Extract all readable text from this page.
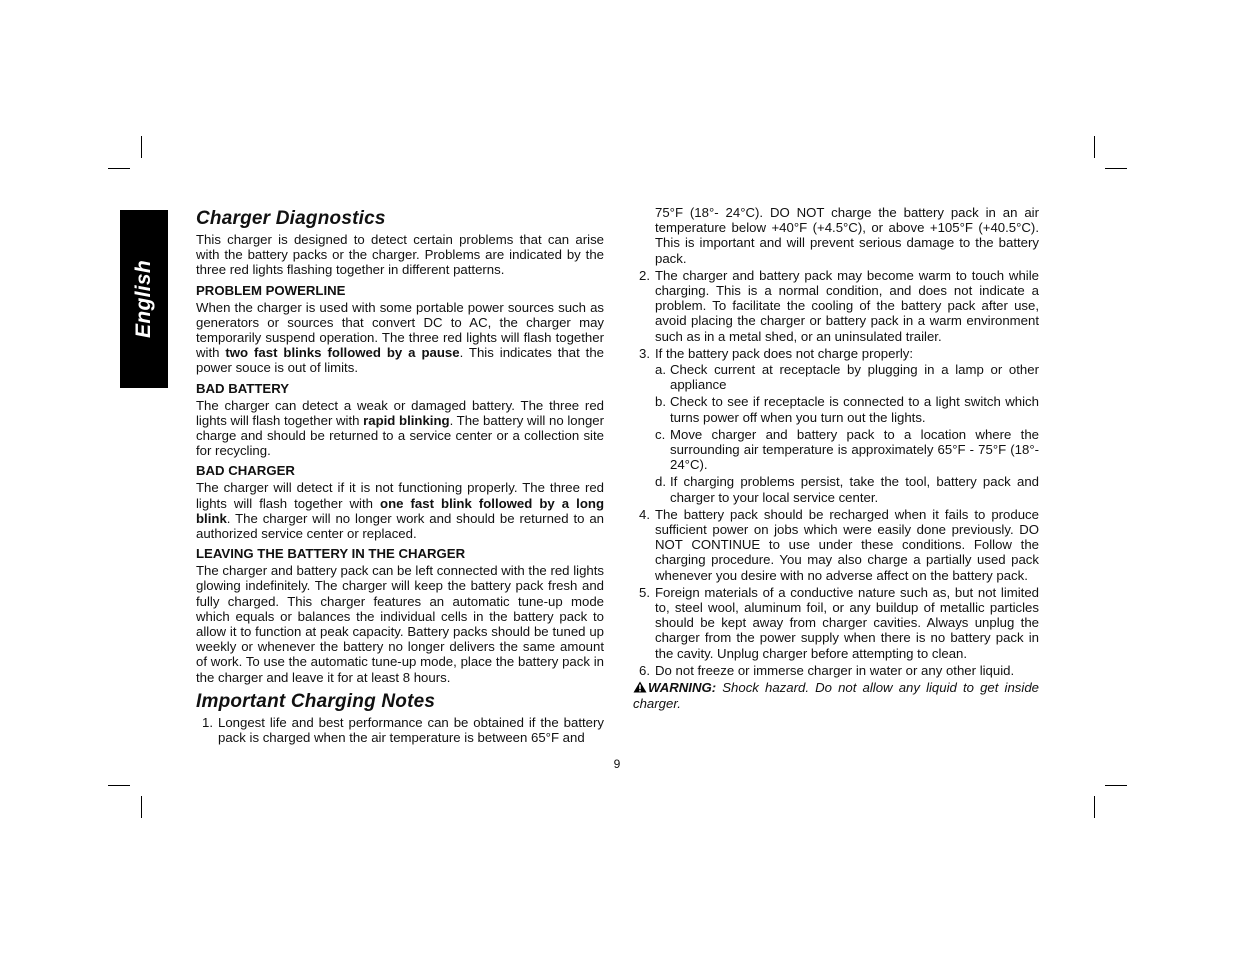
English
Charger Diagnostics

This charger is designed to detect certain problems that can arise with the battery packs or the charger. Problems are indicated by the three red lights flashing together in different patterns.

PROBLEM POWERLINE

When the charger is used with some portable power sources such as generators or sources that convert DC to AC, the charger may temporarily suspend operation. The three red lights will flash together with two fast blinks followed by a pause. This indicates that the power souce is out of limits.

BAD BATTERY

The charger can detect a weak or damaged battery. The three red lights will flash together with rapid blinking. The battery will no longer charge and should be returned to a service center or a collection site for recycling.

BAD CHARGER

The charger will detect if it is not functioning properly. The three red lights will flash together with one fast blink followed by a long blink. The charger will no longer work and should be returned to an authorized service center or replaced.

LEAVING THE BATTERY IN THE CHARGER

The charger and battery pack can be left connected with the red lights glowing indefinitely. The charger will keep the battery pack fresh and fully charged. This charger features an automatic tune-up mode which equals or balances the individual cells in the battery pack to allow it to function at peak capacity. Battery packs should be tuned up weekly or whenever the battery no longer delivers the same amount of work. To use the automatic tune-up mode, place the battery pack in the charger and leave it for at least 8 hours.

Important Charging Notes
1. Longest life and best performance can be obtained if the battery pack is charged when the air temperature is between 65°F and
75°F (18°- 24°C). DO NOT charge the battery pack in an air temperature below +40°F (+4.5°C), or above +105°F (+40.5°C). This is important and will prevent serious damage to the battery pack.
2. The charger and battery pack may become warm to touch while charging. This is a normal condition, and does not indicate a problem. To facilitate the cooling of the battery pack after use, avoid placing the charger or battery pack in a warm environment such as in a metal shed, or an uninsulated trailer.
3. If the battery pack does not charge properly:
a. Check current at receptacle by plugging in a lamp or other appliance
b. Check to see if receptacle is connected to a light switch which turns power off when you turn out the lights.
c. Move charger and battery pack to a location where the surrounding air temperature is approximately 65°F - 75°F (18°- 24°C).
d. If charging problems persist, take the tool, battery pack and charger to your local service center.
4. The battery pack should be recharged when it fails to produce sufficient power on jobs which were easily done previously. DO NOT CONTINUE to use under these conditions. Follow the charging procedure. You may also charge a partially used pack whenever you desire with no adverse affect on the battery pack.
5. Foreign materials of a conductive nature such as, but not limited to, steel wool, aluminum foil, or any buildup of metallic particles should be kept away from charger cavities. Always unplug the charger from the power supply when there is no battery pack in the cavity. Unplug charger before attempting to clean.
6. Do not freeze or immerse charger in water or any other liquid.

WARNING: Shock hazard. Do not allow any liquid to get inside charger.

9
